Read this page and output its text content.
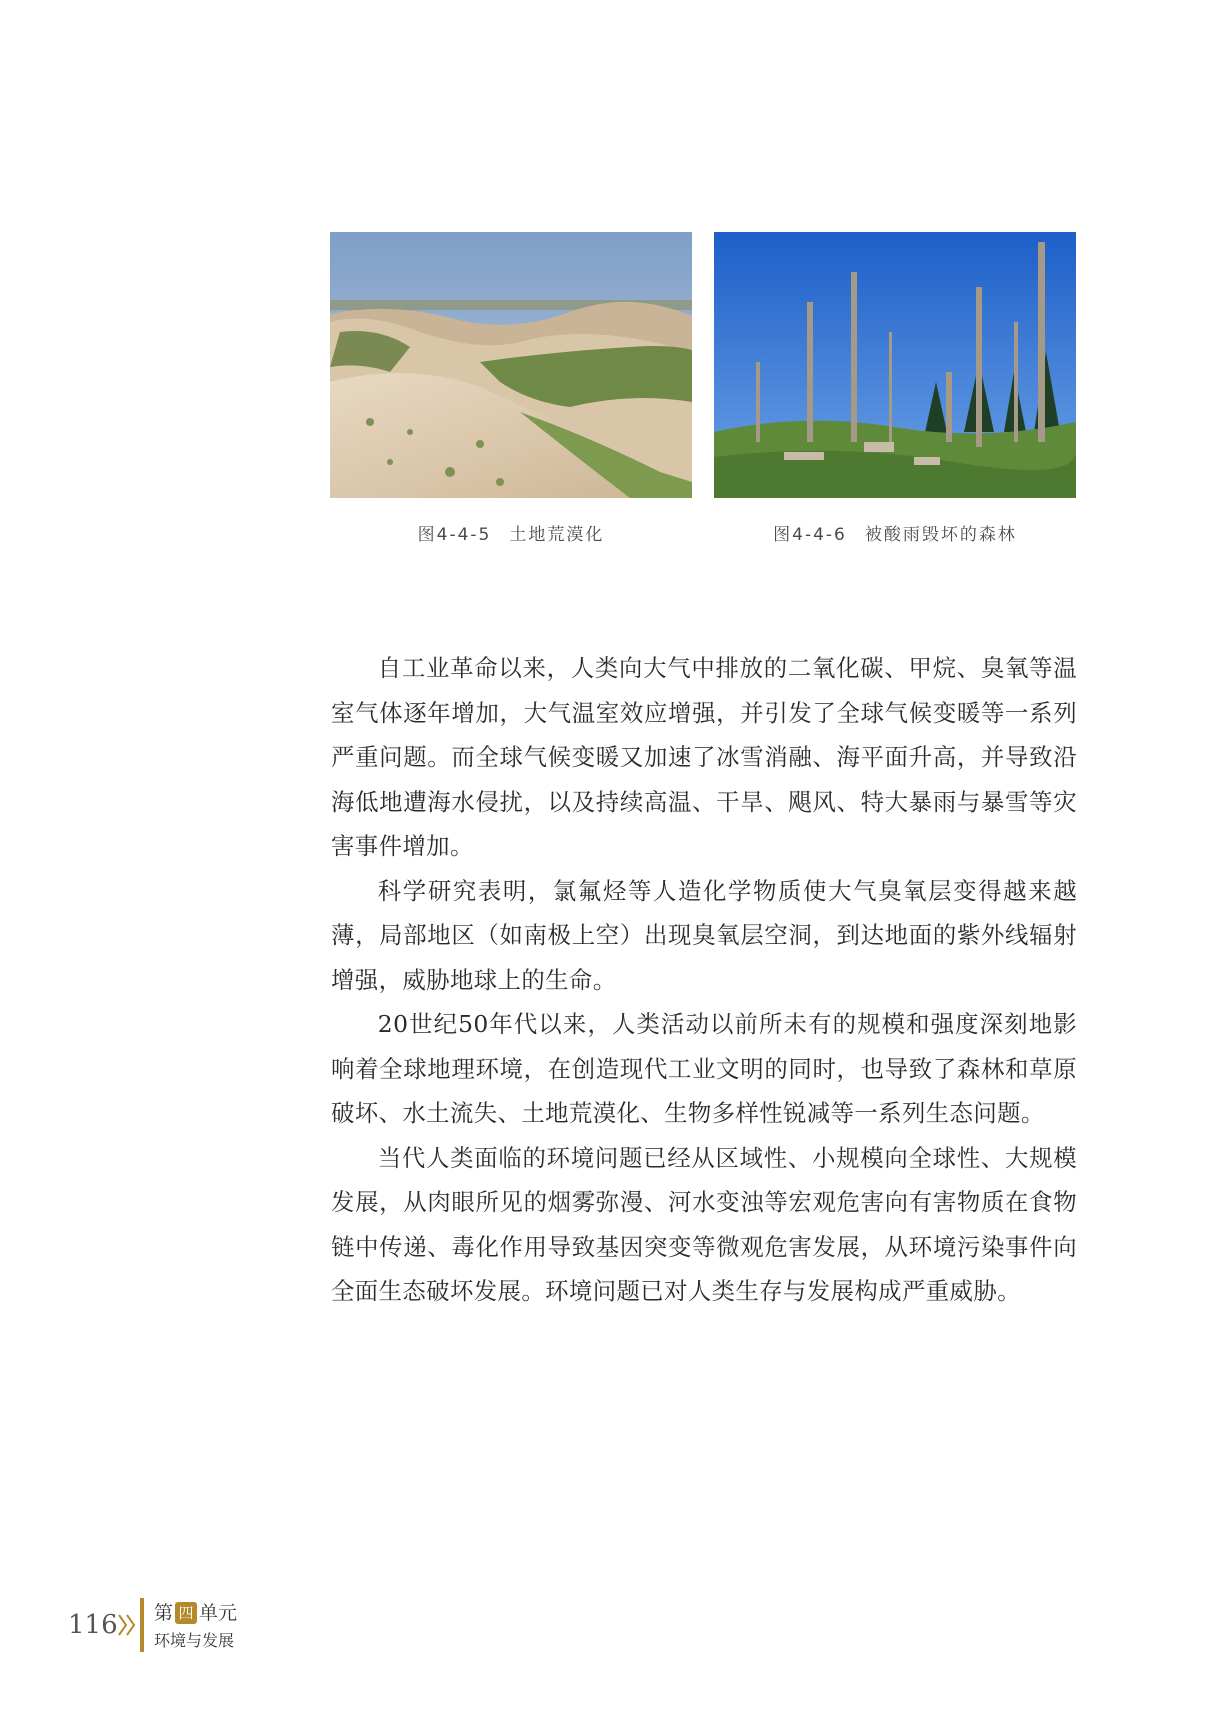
图4-4-5 土地荒漠化	图4-4-6 被酸雨毁坏的森林

自工业革命以来，人类向大气中排放的二氧化碳、甲烷、臭氧等温室气体逐年增加，大气温室效应增强，并引发了全球气候变暖等一系列严重问题。而全球气候变暖又加速了冰雪消融、海平面升高，并导致沿海低地遭海水侵扰，以及持续高温、干旱、飓风、特大暴雨与暴雪等灾害事件增加。

科学研究表明，氯氟烃等人造化学物质使大气臭氧层变得越来越薄，局部地区（如南极上空）出现臭氧层空洞，到达地面的紫外线辐射增强，威胁地球上的生命。

20世纪50年代以来，人类活动以前所未有的规模和强度深刻地影响着全球地理环境，在创造现代工业文明的同时，也导致了森林和草原破坏、水土流失、土地荒漠化、生物多样性锐减等一系列生态问题。

当代人类面临的环境问题已经从区域性、小规模向全球性、大规模发展，从肉眼所见的烟雾弥漫、河水变浊等宏观危害向有害物质在食物链中传递、毒化作用导致基因突变等微观危害发展，从环境污染事件向全面生态破坏发展。环境问题已对人类生存与发展构成严重威胁。

116 第 四 单元
环境与发展
